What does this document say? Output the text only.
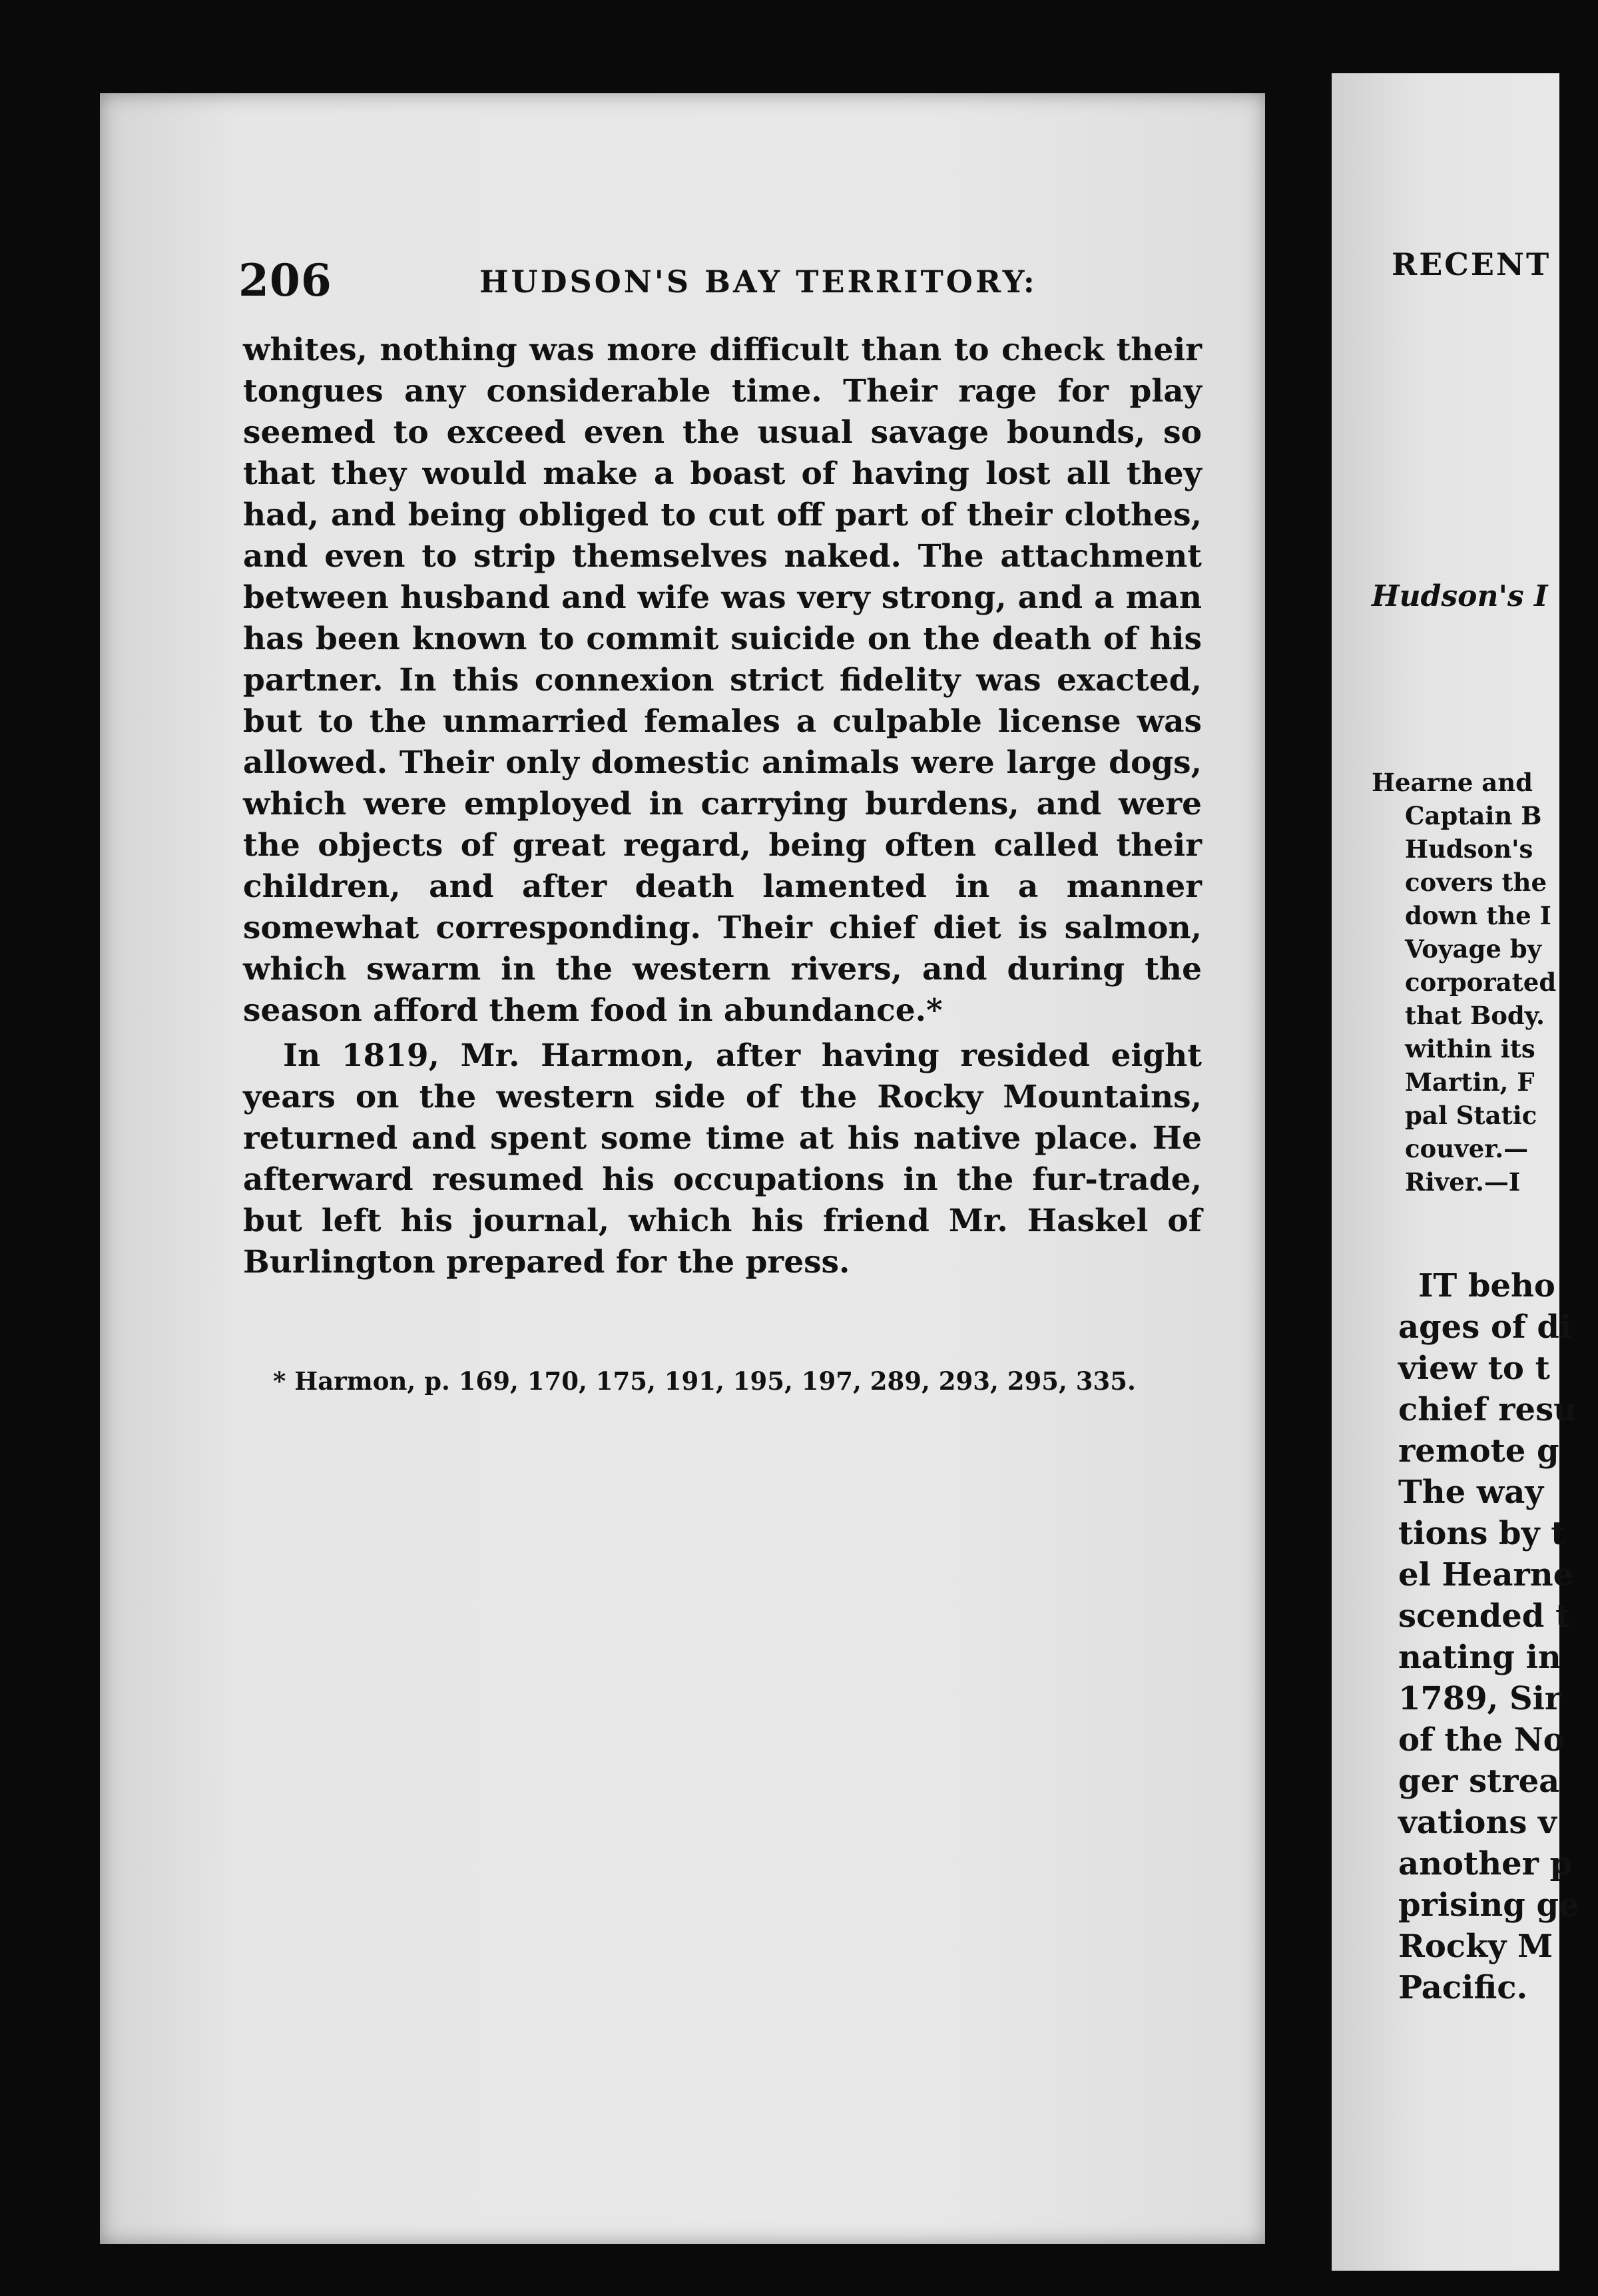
206	HUDSON'S BAY TERRITORY:

whites, nothing was more difficult than to check their tongues any considerable time. Their rage for play seemed to exceed even the usual savage bounds, so that they would make a boast of having lost all they had, and being obliged to cut off part of their clothes, and even to strip themselves naked. The attachment between husband and wife was very strong, and a man has been known to commit suicide on the death of his partner. In this connexion strict fidelity was exacted, but to the unmarried females a culpable license was allowed. Their only domestic animals were large dogs, which were employed in carrying burdens, and were the objects of great regard, being often called their children, and after death lamented in a manner somewhat corresponding. Their chief diet is salmon, which swarm in the western rivers, and during the season afford them food in abundance.*

In 1819, Mr. Harmon, after having resided eight years on the western side of the Rocky Mountains, returned and spent some time at his native place. He afterward resumed his occupations in the fur-trade, but left his journal, which his friend Mr. Haskel of Burlington prepared for the press.

* Harmon, p. 169, 170, 175, 191, 195, 197, 289, 293, 295, 335.
RECENT
Hudson's I
Hearne and
Captain B
Hudson's
covers the
down the I
Voyage by
corporated
that Body.
within its
Martin, F
pal Static
couver.—
River.—I
IT beho
ages of di
view to t
chief resu
remote g
The way
tions by t
el Hearne
scended t
nating in
1789, Sir
of the No
ger strea
vations v
another p
prising ge
Rocky M
Pacific.
